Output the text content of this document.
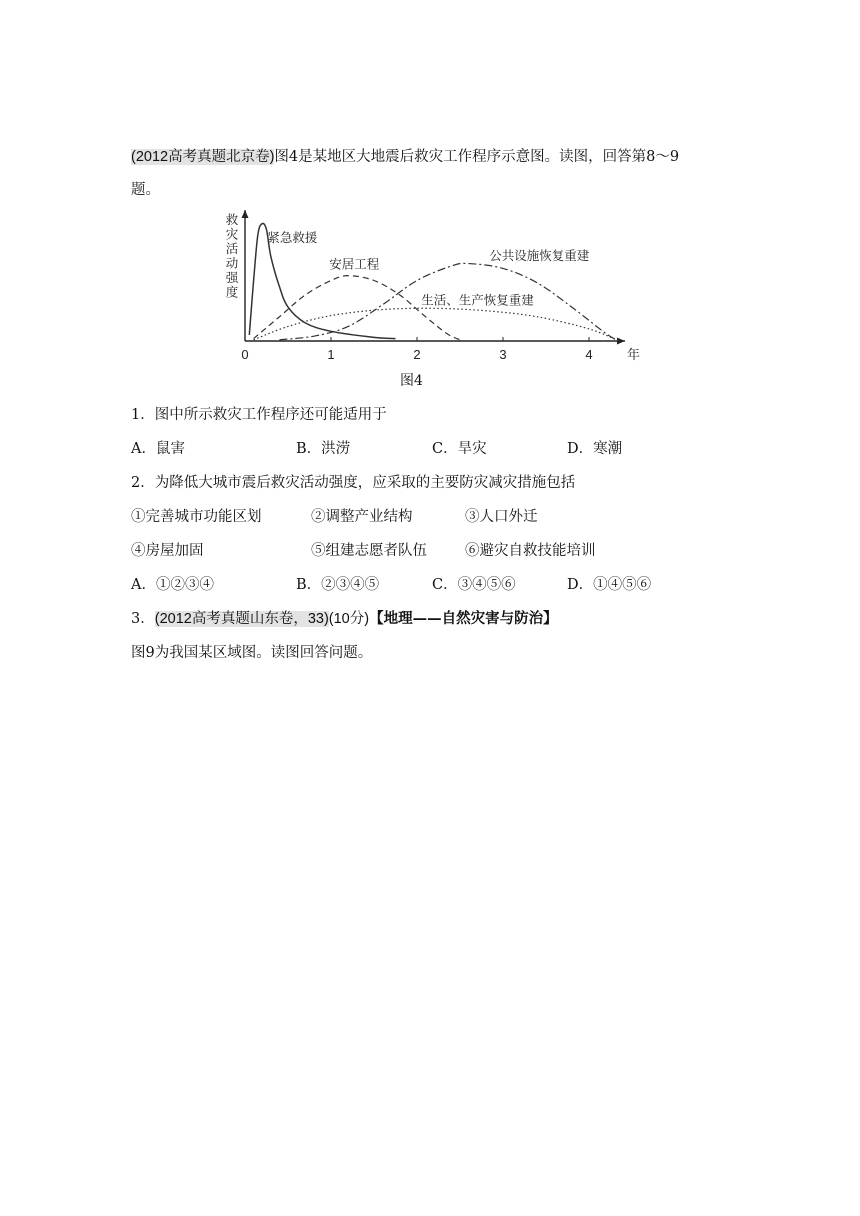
(2012高考真题北京卷)图4是某地区大地震后救灾工作程序示意图。读图，回答第8～9
题。
0	1	2	3	4	年
救灾活动强度
紧急救援
安居工程
公共设施恢复重建
生活、生产恢复重建
图4
1．图中所示救灾工作程序还可能适用于
A．鼠害	B．洪涝	C．旱灾	D．寒潮
2．为降低大城市震后救灾活动强度，应采取的主要防灾减灾措施包括
①完善城市功能区划	②调整产业结构	③人口外迁
④房屋加固	⑤组建志愿者队伍	⑥避灾自救技能培训
A．①②③④	B．②③④⑤	C．③④⑤⑥	D．①④⑤⑥
3．(2012高考真题山东卷，33)(10分)【地理——自然灾害与防治】
图9为我国某区域图。读图回答问题。
